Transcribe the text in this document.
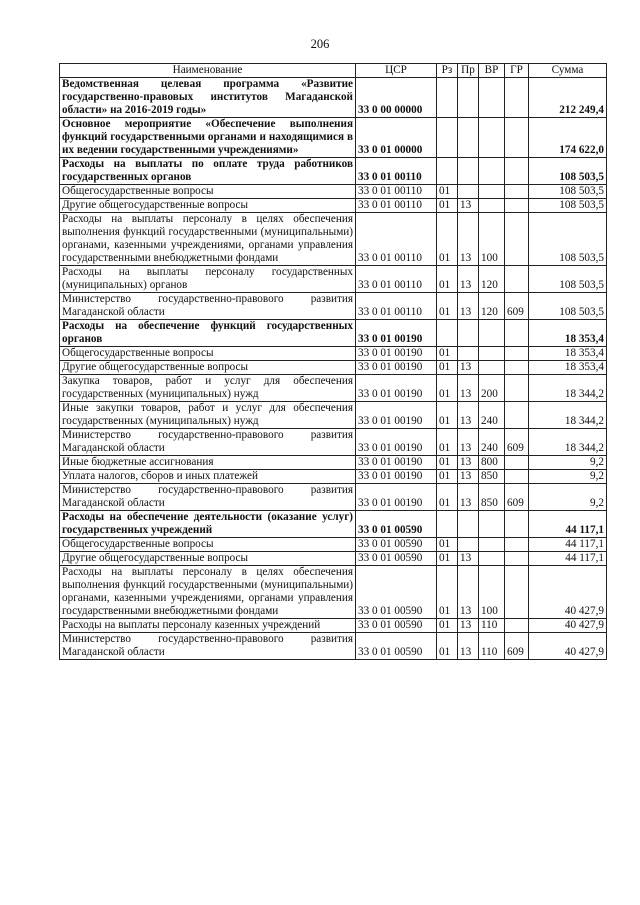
206
Наименование	ЦСР	Рз	Пр	ВР	ГР	Сумма
Ведомственная целевая программа «Развитие государственно-правовых институтов Магаданской области» на 2016-2019 годы»	33 0 00 00000					212 249,4
Основное мероприятие «Обеспечение выполнения функций государственными органами и находящимися в их ведении государственными учреждениями»	33 0 01 00000					174 622,0
Расходы на выплаты по оплате труда работников государственных органов	33 0 01 00110					108 503,5
Общегосударственные вопросы	33 0 01 00110	01				108 503,5
Другие общегосударственные вопросы	33 0 01 00110	01	13			108 503,5
Расходы на выплаты персоналу в целях обеспечения выполнения функций государственными (муниципальными) органами, казенными учреждениями, органами управления государственными внебюджетными фондами	33 0 01 00110	01	13	100		108 503,5
Расходы на выплаты персоналу государственных (муниципальных) органов	33 0 01 00110	01	13	120		108 503,5
Министерство государственно-правового развития Магаданской области	33 0 01 00110	01	13	120	609	108 503,5
Расходы на обеспечение функций государственных органов	33 0 01 00190					18 353,4
Общегосударственные вопросы	33 0 01 00190	01				18 353,4
Другие общегосударственные вопросы	33 0 01 00190	01	13			18 353,4
Закупка товаров, работ и услуг для обеспечения государственных (муниципальных) нужд	33 0 01 00190	01	13	200		18 344,2
Иные закупки товаров, работ и услуг для обеспечения государственных (муниципальных) нужд	33 0 01 00190	01	13	240		18 344,2
Министерство государственно-правового развития Магаданской области	33 0 01 00190	01	13	240	609	18 344,2
Иные бюджетные ассигнования	33 0 01 00190	01	13	800		9,2
Уплата налогов, сборов и иных платежей	33 0 01 00190	01	13	850		9,2
Министерство государственно-правового развития Магаданской области	33 0 01 00190	01	13	850	609	9,2
Расходы на обеспечение деятельности (оказание услуг) государственных учреждений	33 0 01 00590					44 117,1
Общегосударственные вопросы	33 0 01 00590	01				44 117,1
Другие общегосударственные вопросы	33 0 01 00590	01	13			44 117,1
Расходы на выплаты персоналу в целях обеспечения выполнения функций государственными (муниципальными) органами, казенными учреждениями, органами управления государственными внебюджетными фондами	33 0 01 00590	01	13	100		40 427,9
Расходы на выплаты персоналу казенных учреждений	33 0 01 00590	01	13	110		40 427,9
Министерство государственно-правового развития Магаданской области	33 0 01 00590	01	13	110	609	40 427,9
